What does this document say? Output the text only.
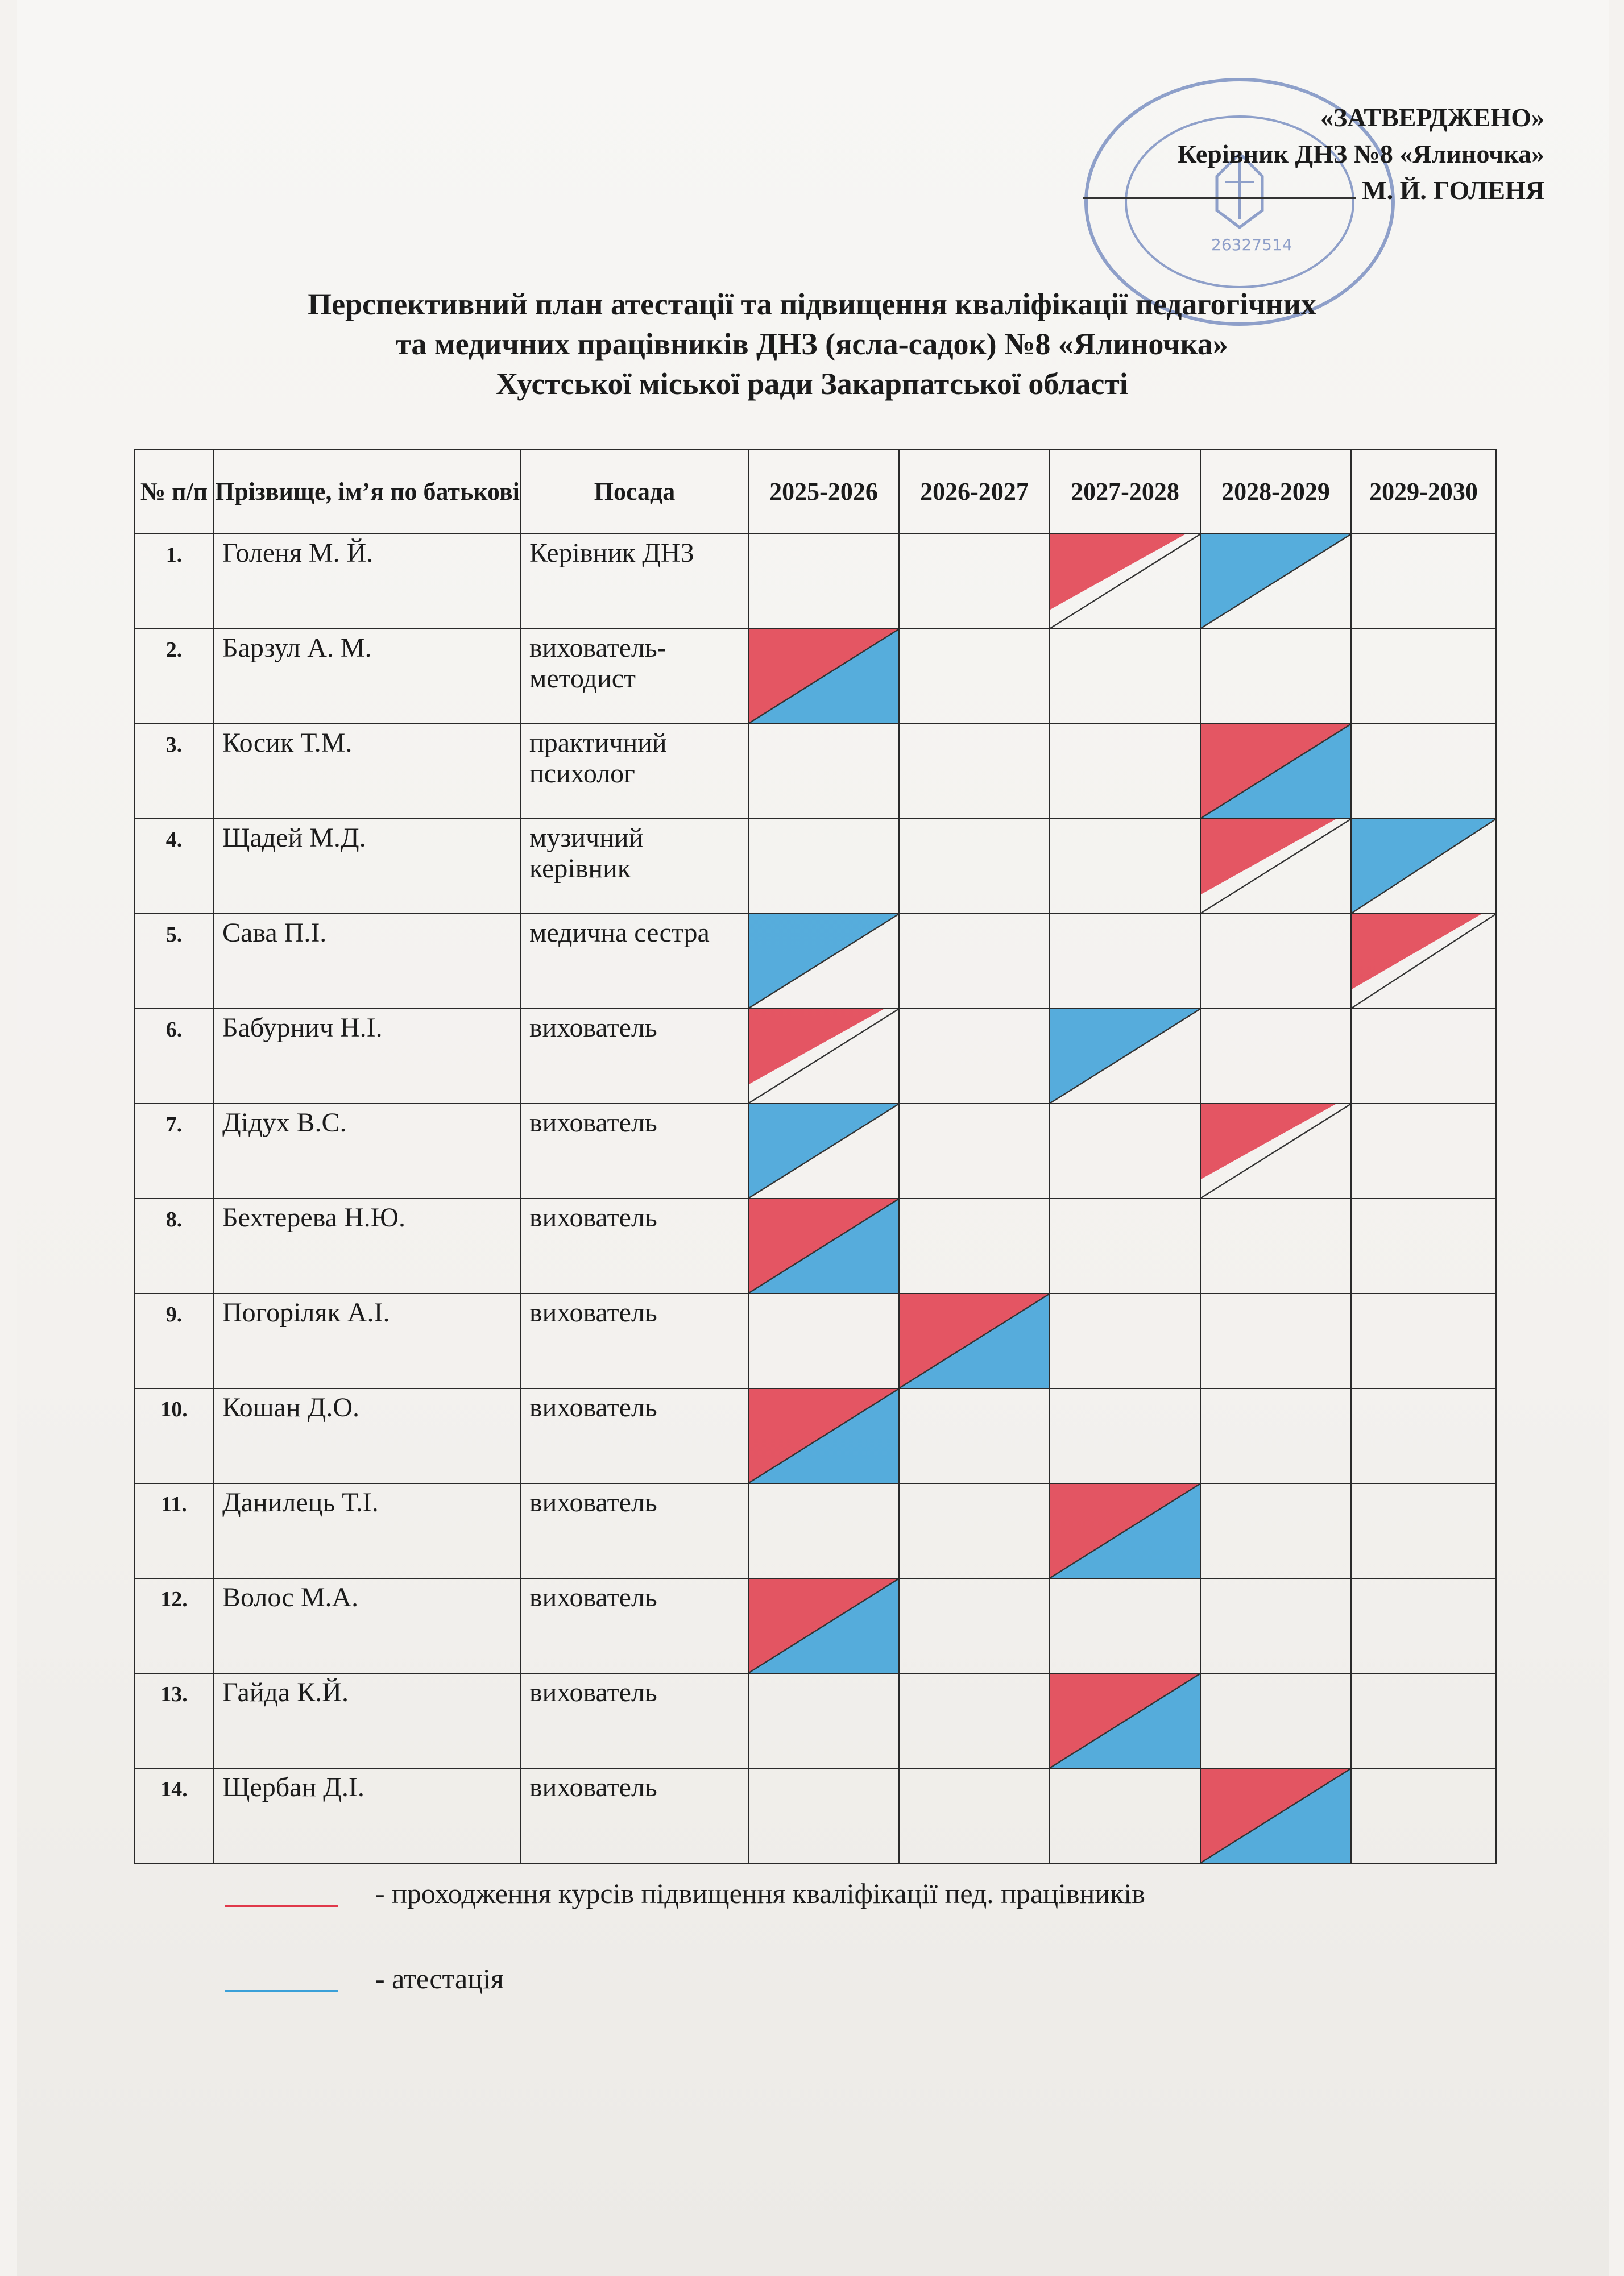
26327514
«ЗАТВЕРДЖЕНО»
Керівник ДНЗ №8 «Ялиночка»
М. Й. ГОЛЕНЯ
Перспективний план атестації та підвищення кваліфікації педагогічних
та медичних працівників ДНЗ (ясла-садок) №8 «Ялиночка»
Хустської міської ради Закарпатської області
№ п/п	Прізвище, ім’я по батькові	Посада	2025-2026	2026-2027	2027-2028	2028-2029	2029-2030
1.	Голеня М. Й.	Керівник ДНЗ			

2.	Барзул А. М.	вихователь-методист	

3.	Косик Т.М.	практичний психолог				

4.	Щадей М.Д.	музичний керівник				

5.	Сава П.І.	медична сестра	

6.	Бабурнич Н.І.	вихователь	

7.	Дідух В.С.	вихователь	

8.	Бехтерева Н.Ю.	вихователь	

9.	Погоріляк А.І.	вихователь		

10.	Кошан Д.О.	вихователь	

11.	Данилець Т.І.	вихователь			

12.	Волос М.А.	вихователь	

13.	Гайда К.Й.	вихователь			

14.	Щербан Д.І.	вихователь				

- проходження курсів підвищення кваліфікації пед. працівників
- атестація
